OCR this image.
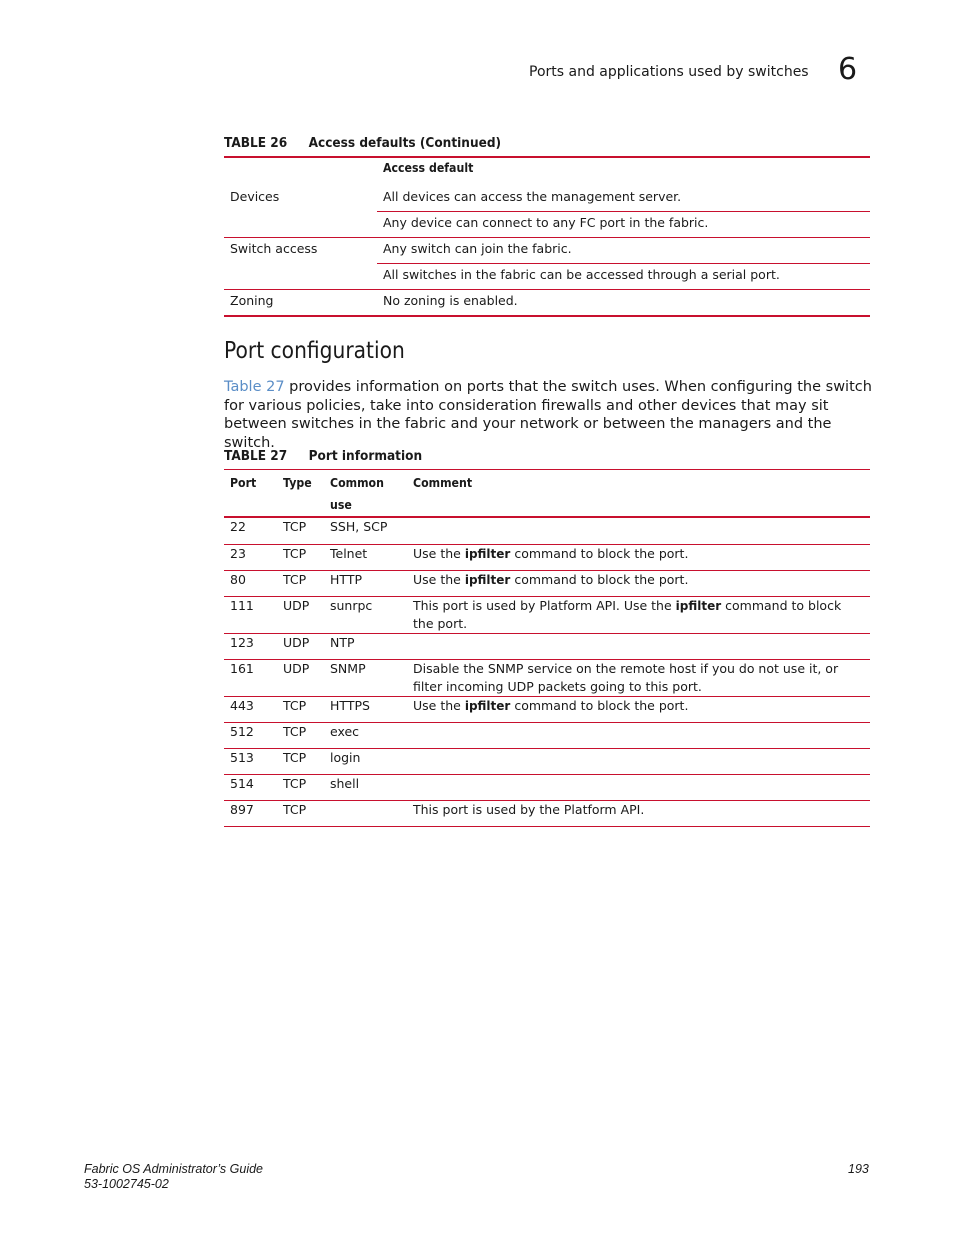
Ports and applications used by switches 6
TABLE 26 Access defaults (Continued)
	Access default
Devices	All devices can access the management server.
	Any device can connect to any FC port in the fabric.
Switch access	Any switch can join the fabric.
	All switches in the fabric can be accessed through a serial port.
Zoning	No zoning is enabled.
Port configuration

Table 27 provides information on ports that the switch uses. When configuring the switch for various policies, take into consideration firewalls and other devices that may sit between switches in the fabric and your network or between the managers and the switch.

TABLE 27 Port information
Port	Type	Common use	Comment

22	TCP	SSH, SCP	
23	TCP	Telnet	Use the ipfilter command to block the port.
80	TCP	HTTP	Use the ipfilter command to block the port.
111	UDP	sunrpc	This port is used by Platform API. Use the ipfilter command to block the port.
123	UDP	NTP	
161	UDP	SNMP	Disable the SNMP service on the remote host if you do not use it, or filter incoming UDP packets going to this port.
443	TCP	HTTPS	Use the ipfilter command to block the port.
512	TCP	exec	
513	TCP	login	
514	TCP	shell	
897	TCP		This port is used by the Platform API.
Fabric OS Administrator’s Guide
53-1002745-02
193
